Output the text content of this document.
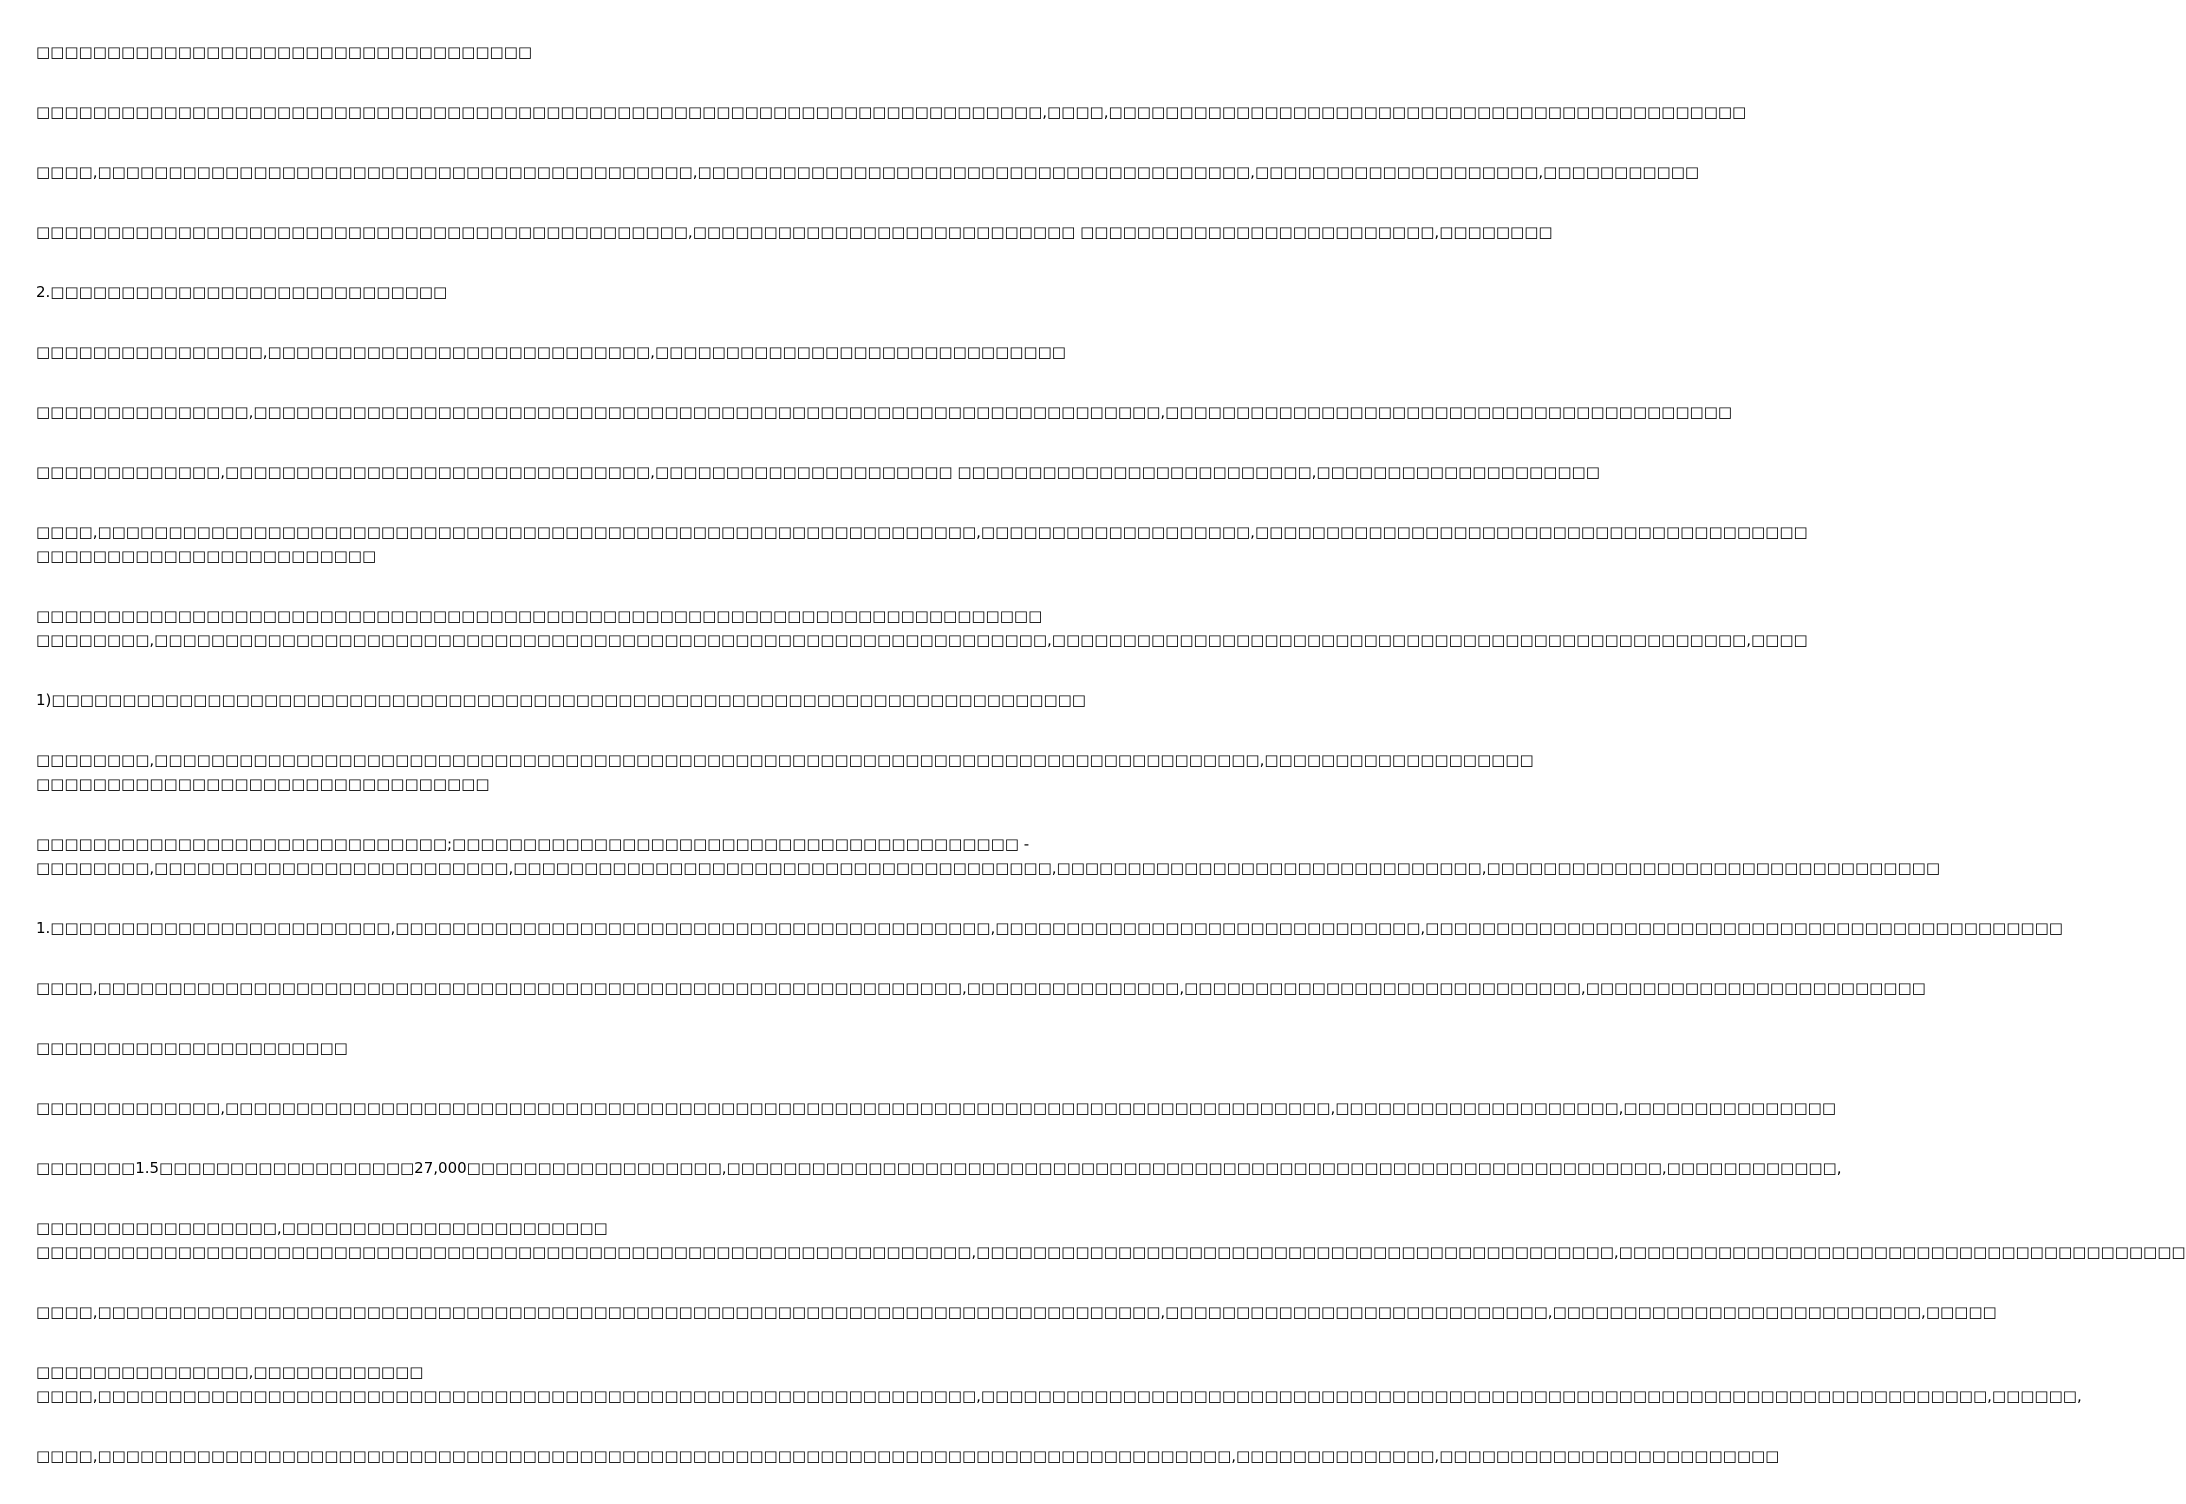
□□□□□□□□□□□□□□□□□□□□□□□□□□□□□□□□□□□

□□□□□□□□□□□□□□□□□□□□□□□□□□□□□□□□□□□□□□□□□□□□□□□□□□□□□□□□□□□□□□□□□□□□□□□,□□□□,□□□□□□□□□□□□□□□□□□□□□□□□□□□□□□□□□□□□□□□□□□□□□

□□□□,□□□□□□□□□□□□□□□□□□□□□□□□□□□□□□□□□□□□□□□□□□,□□□□□□□□□□□□□□□□□□□□□□□□□□□□□□□□□□□□□□□,□□□□□□□□□□□□□□□□□□□□,□□□□□□□□□□□

□□□□□□□□□□□□□□□□□□□□□□□□□□□□□□□□□□□□□□□□□□□□□□,□□□□□□□□□□□□□□□□□□□□□□□□□□□ □□□□□□□□□□□□□□□□□□□□□□□□□,□□□□□□□□

2.□□□□□□□□□□□□□□□□□□□□□□□□□□□□

□□□□□□□□□□□□□□□□,□□□□□□□□□□□□□□□□□□□□□□□□□□□,□□□□□□□□□□□□□□□□□□□□□□□□□□□□□

□□□□□□□□□□□□□□□,□□□□□□□□□□□□□□□□□□□□□□□□□□□□□□□□□□□□□□□□□□□□□□□□□□□□□□□□□□□□□□□□,□□□□□□□□□□□□□□□□□□□□□□□□□□□□□□□□□□□□□□□□

□□□□□□□□□□□□□,□□□□□□□□□□□□□□□□□□□□□□□□□□□□□□,□□□□□□□□□□□□□□□□□□□□□ □□□□□□□□□□□□□□□□□□□□□□□□□,□□□□□□□□□□□□□□□□□□□□

□□□□,□□□□□□□□□□□□□□□□□□□□□□□□□□□□□□□□□□□□□□□□□□□□□□□□□□□□□□□□□□□□□□,□□□□□□□□□□□□□□□□□□□,□□□□□□□□□□□□□□□□□□□□□□□□□□□□□□□□□□□□□□□
□□□□□□□□□□□□□□□□□□□□□□□□

□□□□□□□□□□□□□□□□□□□□□□□□□□□□□□□□□□□□□□□□□□□□□□□□□□□□□□□□□□□□□□□□□□□□□□□
□□□□□□□□,□□□□□□□□□□□□□□□□□□□□□□□□□□□□□□□□□□□□□□□□□□□□□□□□□□□□□□□□□□□□□□□,□□□□□□□□□□□□□□□□□□□□□□□□□□□□□□□□□□□□□□□□□□□□□□□□□,□□□□

1)□□□□□□□□□□□□□□□□□□□□□□□□□□□□□□□□□□□□□□□□□□□□□□□□□□□□□□□□□□□□□□□□□□□□□□□□□

□□□□□□□□,□□□□□□□□□□□□□□□□□□□□□□□□□□□□□□□□□□□□□□□□□□□□□□□□□□□□□□□□□□□□□□□□□□□□□□□□□□□□□□,□□□□□□□□□□□□□□□□□□□
□□□□□□□□□□□□□□□□□□□□□□□□□□□□□□□□

□□□□□□□□□□□□□□□□□□□□□□□□□□□□□;□□□□□□□□□□□□□□□□□□□□□□□□□□□□□□□□□□□□□□□□ -
□□□□□□□□,□□□□□□□□□□□□□□□□□□□□□□□□□,□□□□□□□□□□□□□□□□□□□□□□□□□□□□□□□□□□□□□□,□□□□□□□□□□□□□□□□□□□□□□□□□□□□□□,□□□□□□□□□□□□□□□□□□□□□□□□□□□□□□□□

1.□□□□□□□□□□□□□□□□□□□□□□□□,□□□□□□□□□□□□□□□□□□□□□□□□□□□□□□□□□□□□□□□□□□,□□□□□□□□□□□□□□□□□□□□□□□□□□□□□□,□□□□□□□□□□□□□□□□□□□□□□□□□□□□□□□□□□□□□□□□□□□□□

□□□□,□□□□□□□□□□□□□□□□□□□□□□□□□□□□□□□□□□□□□□□□□□□□□□□□□□□□□□□□□□□□□,□□□□□□□□□□□□□□□,□□□□□□□□□□□□□□□□□□□□□□□□□□□□,□□□□□□□□□□□□□□□□□□□□□□□□

□□□□□□□□□□□□□□□□□□□□□□

□□□□□□□□□□□□□,□□□□□□□□□□□□□□□□□□□□□□□□□□□□□□□□□□□□□□□□□□□□□□□□□□□□□□□□□□□□□□□□□□□□□□□□□□□□□□,□□□□□□□□□□□□□□□□□□□□,□□□□□□□□□□□□□□□

□□□□□□□1.5□□□□□□□□□□□□□□□□□□27,000□□□□□□□□□□□□□□□□□□,□□□□□□□□□□□□□□□□□□□□□□□□□□□□□□□□□□□□□□□□□□□□□□□□□□□□□□□□□□□□□□□□□□,□□□□□□□□□□□□,

□□□□□□□□□□□□□□□□□,□□□□□□□□□□□□□□□□□□□□□□□
□□□□□□□□□□□□□□□□□□□□□□□□□□□□□□□□□□□□□□□□□□□□□□□□□□□□□□□□□□□□□□□□□□,□□□□□□□□□□□□□□□□□□□□□□□□□□□□□□□□□□□□□□□□□□□□□,□□□□□□□□□□□□□□□□□□□□□□□□□□□□□□□□□□□□□□□□

□□□□,□□□□□□□□□□□□□□□□□□□□□□□□□□□□□□□□□□□□□□□□□□□□□□□□□□□□□□□□□□□□□□□□□□□□□□□□□□□,□□□□□□□□□□□□□□□□□□□□□□□□□□□,□□□□□□□□□□□□□□□□□□□□□□□□□□,□□□□□

□□□□□□□□□□□□□□□,□□□□□□□□□□□□
□□□□,□□□□□□□□□□□□□□□□□□□□□□□□□□□□□□□□□□□□□□□□□□□□□□□□□□□□□□□□□□□□□□,□□□□□□□□□□□□□□□□□□□□□□□□□□□□□□□□□□□□□□□□□□□□□□□□□□□□□□□□□□□□□□□□□□□□□□□,□□□□□□,

□□□□,□□□□□□□□□□□□□□□□□□□□□□□□□□□□□□□□□□□□□□□□□□□□□□□□□□□□□□□□□□□□□□□□□□□□□□□□□□□□□□□□,□□□□□□□□□□□□□□,□□□□□□□□□□□□□□□□□□□□□□□□
